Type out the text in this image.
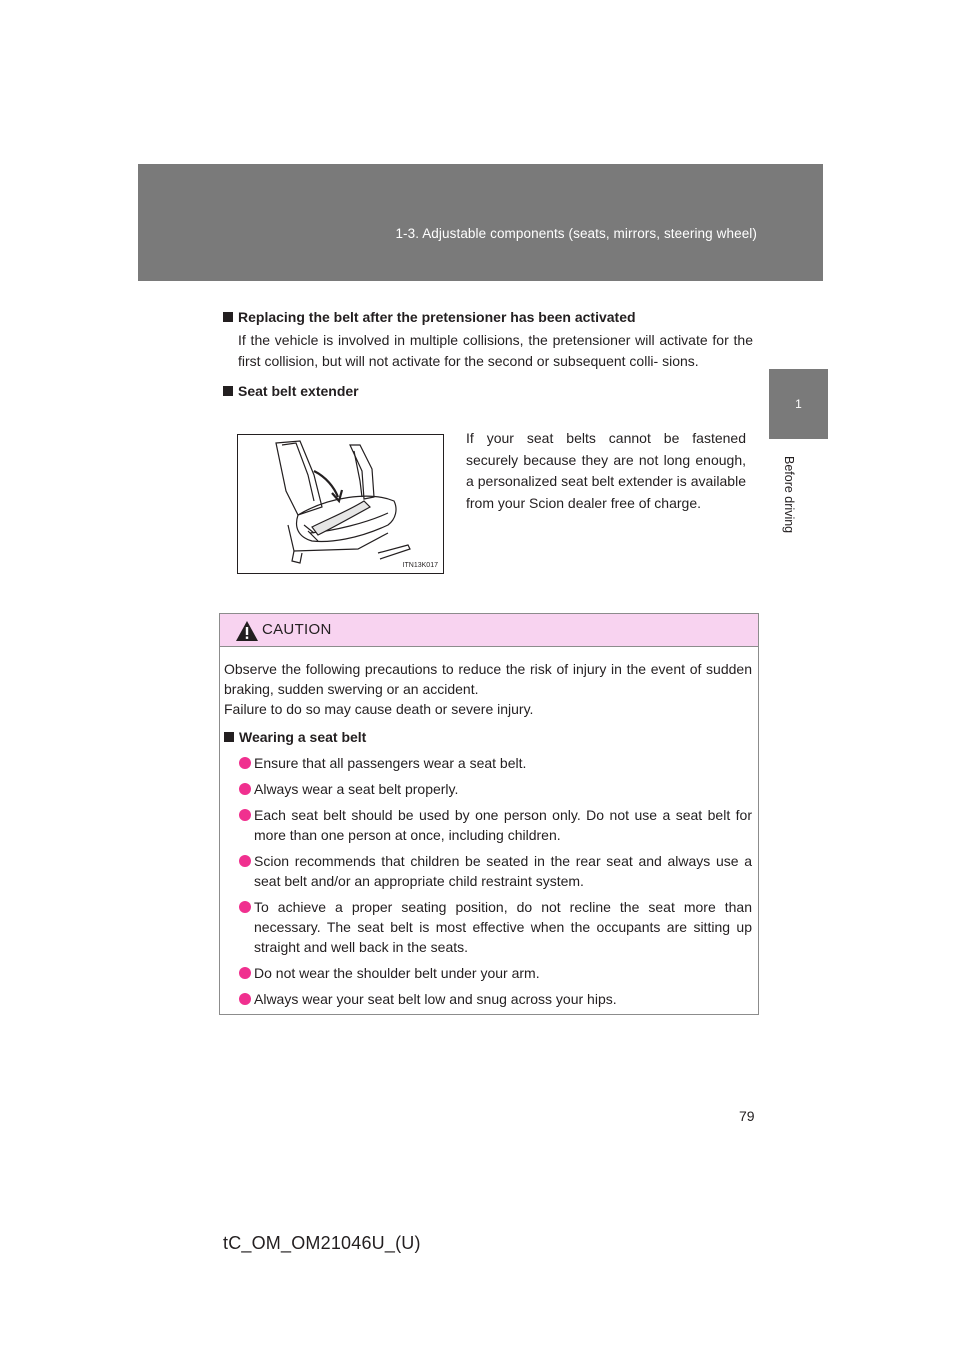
1-3. Adjustable components (seats, mirrors, steering wheel)
1
Before driving

Replacing the belt after the pretensioner has been activated

If the vehicle is involved in multiple collisions, the pretensioner will activate for the first collision, but will not activate for the second or subsequent colli- sions.

Seat belt extender

ITN13K017
If your seat belts cannot be fastened securely because they are not long enough, a personalized seat belt extender is available from your Scion dealer free of charge.
CAUTION

Observe the following precautions to reduce the risk of injury in the event of sudden braking, sudden swerving or an accident.

Failure to do so may cause death or severe injury.

Wearing a seat belt

Ensure that all passengers wear a seat belt.
Always wear a seat belt properly.
Each seat belt should be used by one person only. Do not use a seat belt for more than one person at once, including children.
Scion recommends that children be seated in the rear seat and always use a seat belt and/or an appropriate child restraint system.
To achieve a proper seating position, do not recline the seat more than necessary. The seat belt is most effective when the occupants are sitting up straight and well back in the seats.
Do not wear the shoulder belt under your arm.
Always wear your seat belt low and snug across your hips.
79
tC_OM_OM21046U_(U)
